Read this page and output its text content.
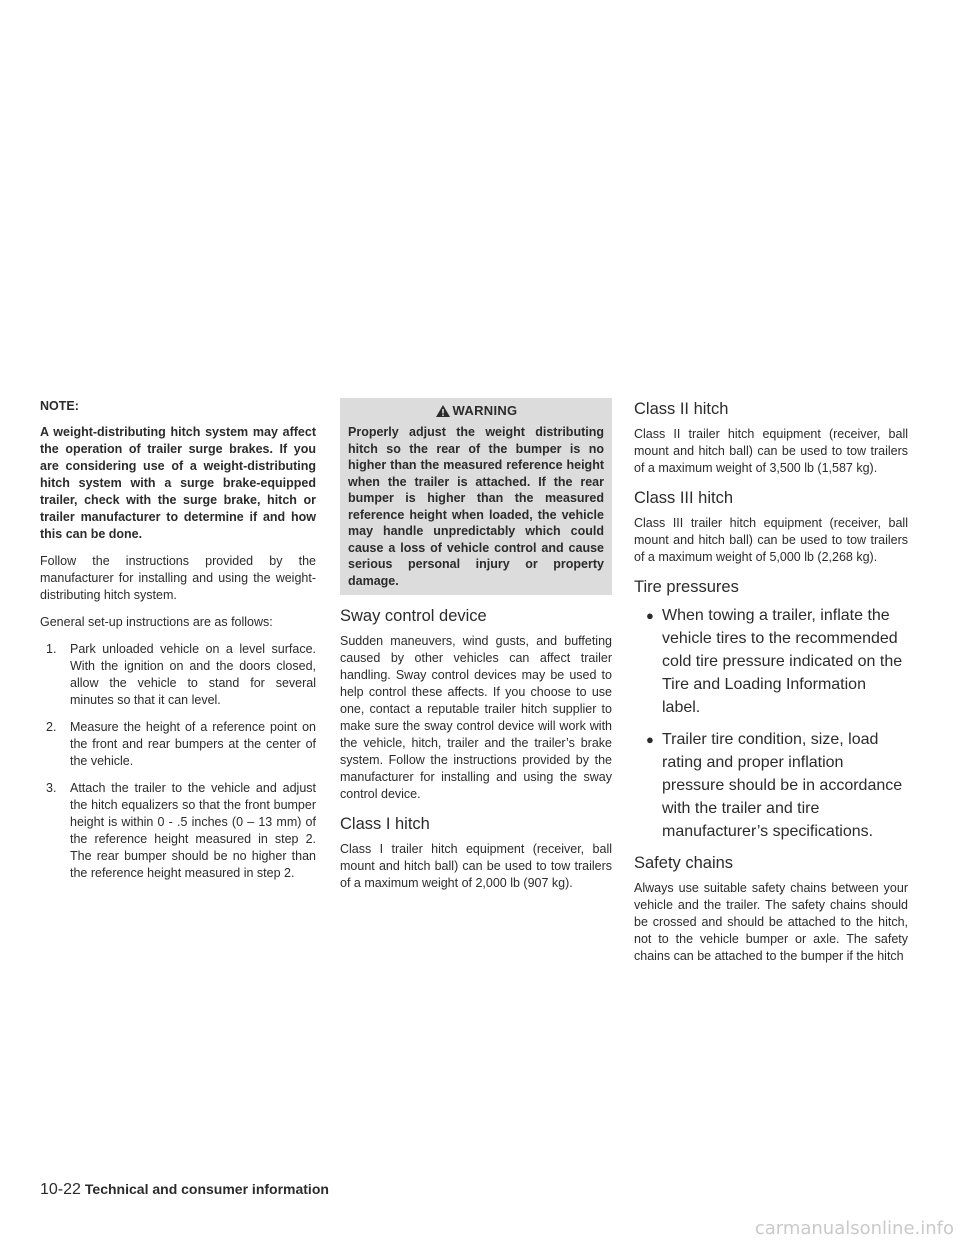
NOTE:

A weight-distributing hitch system may affect the operation of trailer surge brakes. If you are considering use of a weight-distributing hitch system with a surge brake-equipped trailer, check with the surge brake, hitch or trailer manufacturer to determine if and how this can be done.

Follow the instructions provided by the manufacturer for installing and using the weight-distributing hitch system.

General set-up instructions are as follows:

1. Park unloaded vehicle on a level surface. With the ignition on and the doors closed, allow the vehicle to stand for several minutes so that it can level.
2. Measure the height of a reference point on the front and rear bumpers at the center of the vehicle.
3. Attach the trailer to the vehicle and adjust the hitch equalizers so that the front bumper height is within 0 - .5 inches (0 – 13 mm) of the reference height measured in step 2. The rear bumper should be no higher than the reference height measured in step 2.
WARNING
Properly adjust the weight distributing hitch so the rear of the bumper is no higher than the measured reference height when the trailer is attached. If the rear bumper is higher than the measured reference height when loaded, the vehicle may handle unpredictably which could cause a loss of vehicle control and cause serious personal injury or property damage.
Sway control device

Sudden maneuvers, wind gusts, and buffeting caused by other vehicles can affect trailer handling. Sway control devices may be used to help control these affects. If you choose to use one, contact a reputable trailer hitch supplier to make sure the sway control device will work with the vehicle, hitch, trailer and the trailer’s brake system. Follow the instructions provided by the manufacturer for installing and using the sway control device.

Class I hitch

Class I trailer hitch equipment (receiver, ball mount and hitch ball) can be used to tow trailers of a maximum weight of 2,000 lb (907 kg).

Class II hitch

Class II trailer hitch equipment (receiver, ball mount and hitch ball) can be used to tow trailers of a maximum weight of 3,500 lb (1,587 kg).

Class III hitch

Class III trailer hitch equipment (receiver, ball mount and hitch ball) can be used to tow trailers of a maximum weight of 5,000 lb (2,268 kg).

Tire pressures
● When towing a trailer, inflate the vehicle tires to the recommended cold tire pressure indicated on the Tire and Loading Information label.
● Trailer tire condition, size, load rating and proper inflation pressure should be in accordance with the trailer and tire manufacturer’s specifications.
Safety chains

Always use suitable safety chains between your vehicle and the trailer. The safety chains should be crossed and should be attached to the hitch, not to the vehicle bumper or axle. The safety chains can be attached to the bumper if the hitch

10-22 Technical and consumer information
carmanualsonline.info
